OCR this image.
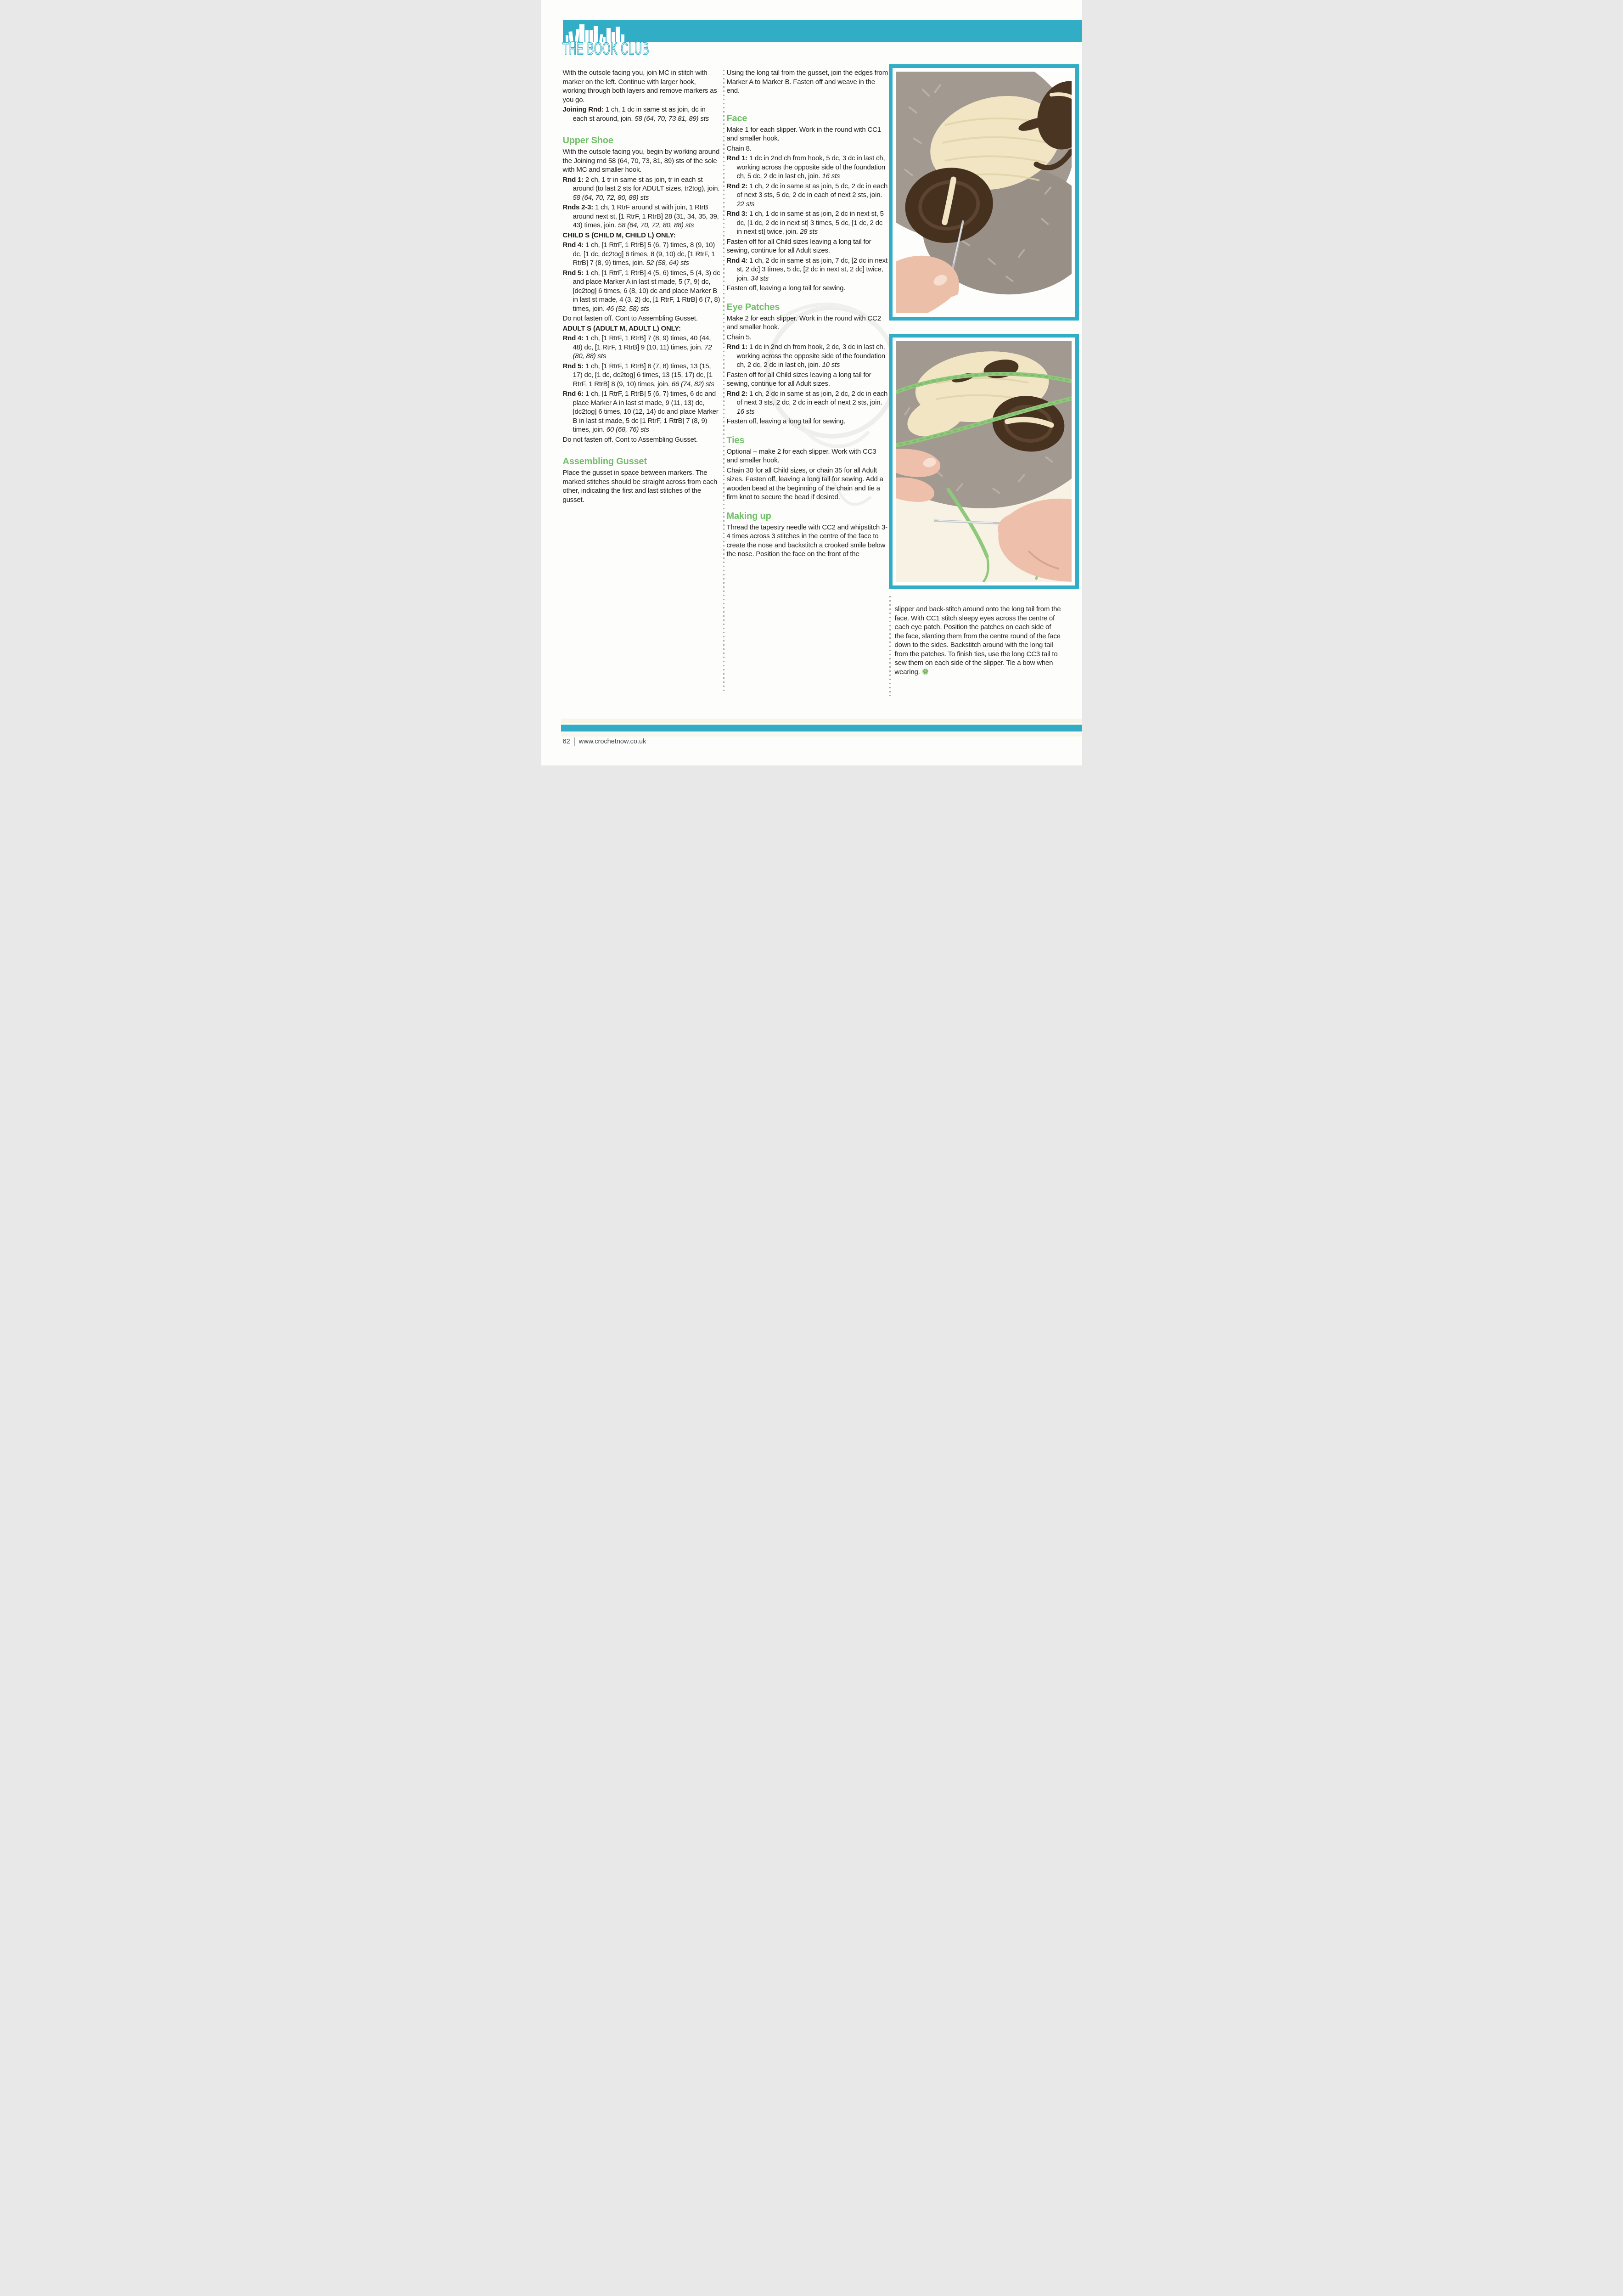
THE BOOK CLUB

With the outsole facing you, join MC in stitch with marker on the left. Continue with larger hook, working through both layers and remove markers as you go.

Joining Rnd: 1 ch, 1 dc in same st as join, dc in each st around, join. 58 (64, 70, 73 81, 89) sts

Upper Shoe

With the outsole facing you, begin by working around the Joining rnd 58 (64, 70, 73, 81, 89) sts of the sole with MC and smaller hook.

Rnd 1: 2 ch, 1 tr in same st as join, tr in each st around (to last 2 sts for ADULT sizes, tr2tog), join. 58 (64, 70, 72, 80, 88) sts

Rnds 2-3: 1 ch, 1 RtrF around st with join, 1 RtrB around next st, [1 RtrF, 1 RtrB] 28 (31, 34, 35, 39, 43) times, join. 58 (64, 70, 72, 80, 88) sts

CHILD S (CHILD M, CHILD L) ONLY:

Rnd 4: 1 ch, [1 RtrF, 1 RtrB] 5 (6, 7) times, 8 (9, 10) dc, [1 dc, dc2tog] 6 times, 8 (9, 10) dc, [1 RtrF, 1 RtrB] 7 (8, 9) times, join. 52 (58, 64) sts

Rnd 5: 1 ch, [1 RtrF, 1 RtrB] 4 (5, 6) times, 5 (4, 3) dc and place Marker A in last st made, 5 (7, 9) dc, [dc2tog] 6 times, 6 (8, 10) dc and place Marker B in last st made, 4 (3, 2) dc, [1 RtrF, 1 RtrB] 6 (7, 8) times, join. 46 (52, 58) sts

Do not fasten off. Cont to Assembling Gusset.

ADULT S (ADULT M, ADULT L) ONLY:

Rnd 4: 1 ch, [1 RtrF, 1 RtrB] 7 (8, 9) times, 40 (44, 48) dc, [1 RtrF, 1 RtrB] 9 (10, 11) times, join. 72 (80, 88) sts

Rnd 5: 1 ch, [1 RtrF, 1 RtrB] 6 (7, 8) times, 13 (15, 17) dc, [1 dc, dc2tog] 6 times, 13 (15, 17) dc, [1 RtrF, 1 RtrB] 8 (9, 10) times, join. 66 (74, 82) sts

Rnd 6: 1 ch, [1 RtrF, 1 RtrB] 5 (6, 7) times, 6 dc and place Marker A in last st made, 9 (11, 13) dc, [dc2tog] 6 times, 10 (12, 14) dc and place Marker B in last st made, 5 dc [1 RtrF, 1 RtrB] 7 (8, 9) times, join. 60 (68, 76) sts

Do not fasten off. Cont to Assembling Gusset.

Assembling Gusset

Place the gusset in space between markers. The marked stitches should be straight across from each other, indicating the first and last stitches of the gusset.

Using the long tail from the gusset, join the edges from Marker A to Marker B. Fasten off and weave in the end.

Face

Make 1 for each slipper. Work in the round with CC1 and smaller hook.

Chain 8.

Rnd 1: 1 dc in 2nd ch from hook, 5 dc, 3 dc in last ch, working across the opposite side of the foundation ch, 5 dc, 2 dc in last ch, join. 16 sts

Rnd 2: 1 ch, 2 dc in same st as join, 5 dc, 2 dc in each of next 3 sts, 5 dc, 2 dc in each of next 2 sts, join. 22 sts

Rnd 3: 1 ch, 1 dc in same st as join, 2 dc in next st, 5 dc, [1 dc, 2 dc in next st] 3 times, 5 dc, [1 dc, 2 dc in next st] twice, join. 28 sts

Fasten off for all Child sizes leaving a long tail for sewing, continue for all Adult sizes.

Rnd 4: 1 ch, 2 dc in same st as join, 7 dc, [2 dc in next st, 2 dc] 3 times, 5 dc, [2 dc in next st, 2 dc] twice, join. 34 sts

Fasten off, leaving a long tail for sewing.

Eye Patches

Make 2 for each slipper. Work in the round with CC2 and smaller hook.

Chain 5.

Rnd 1: 1 dc in 2nd ch from hook, 2 dc, 3 dc in last ch, working across the opposite side of the foundation ch, 2 dc, 2 dc in last ch, join. 10 sts

Fasten off for all Child sizes leaving a long tail for sewing, continue for all Adult sizes.

Rnd 2: 1 ch, 2 dc in same st as join, 2 dc, 2 dc in each of next 3 sts, 2 dc, 2 dc in each of next 2 sts, join. 16 sts

Fasten off, leaving a long tail for sewing.

Ties

Optional – make 2 for each slipper. Work with CC3 and smaller hook.

Chain 30 for all Child sizes, or chain 35 for all Adult sizes. Fasten off, leaving a long tail for sewing. Add a wooden bead at the beginning of the chain and tie a firm knot to secure the bead if desired.

Making up

Thread the tapestry needle with CC2 and whipstitch 3-4 times across 3 stitches in the centre of the face to create the nose and backstitch a crooked smile below the nose. Position the face on the front of the

slipper and back-stitch around onto the long tail from the face. With CC1 stitch sleepy eyes across the centre of each eye patch. Position the patches on each side of the face, slanting them from the centre round of the face down to the sides. Backstitch around with the long tail from the patches. To finish ties, use the long CC3 tail to sew them on each side of the slipper. Tie a bow when wearing.

62 www.crochetnow.co.uk
